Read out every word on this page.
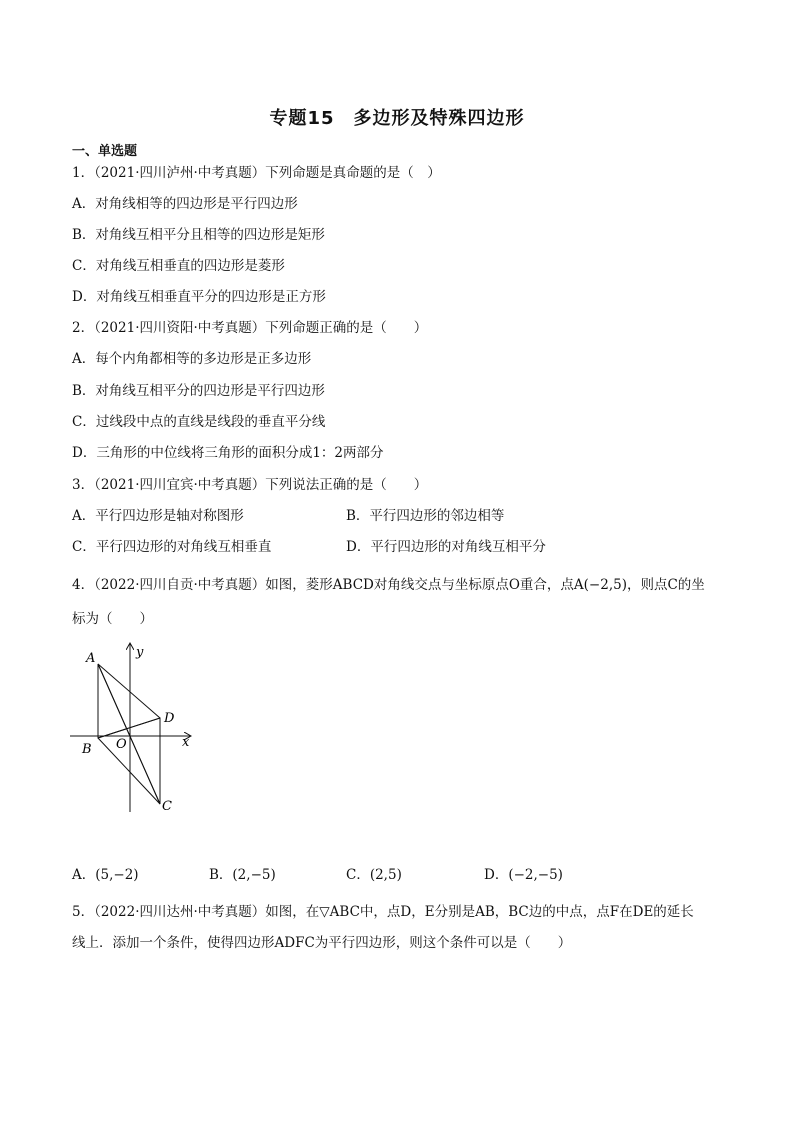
专题15　多边形及特殊四边形
一、单选题
1．（2021·四川泸州·中考真题）下列命题是真命题的是（　）
A．对角线相等的四边形是平行四边形
B．对角线互相平分且相等的四边形是矩形
C．对角线互相垂直的四边形是菱形
D．对角线互相垂直平分的四边形是正方形
2．（2021·四川资阳·中考真题）下列命题正确的是（　　）
A．每个内角都相等的多边形是正多边形
B．对角线互相平分的四边形是平行四边形
C．过线段中点的直线是线段的垂直平分线
D．三角形的中位线将三角形的面积分成1：2两部分
3．（2021·四川宜宾·中考真题）下列说法正确的是（　　）
A．平行四边形是轴对称图形	B．平行四边形的邻边相等
C．平行四边形的对角线互相垂直	D．平行四边形的对角线互相平分
4．（2022·四川自贡·中考真题）如图，菱形ABCD对角线交点与坐标原点O重合，点A(−2,5)，则点C的坐
标为（　　）
A
B
C
D
O	x
y
A．(5,−2)	B．(2,−5)	C．(2,5)	D．(−2,−5)
5．（2022·四川达州·中考真题）如图，在▽ABC中，点D，E分别是AB，BC边的中点，点F在DE的延长
线上．添加一个条件，使得四边形ADFC为平行四边形，则这个条件可以是（　　）
